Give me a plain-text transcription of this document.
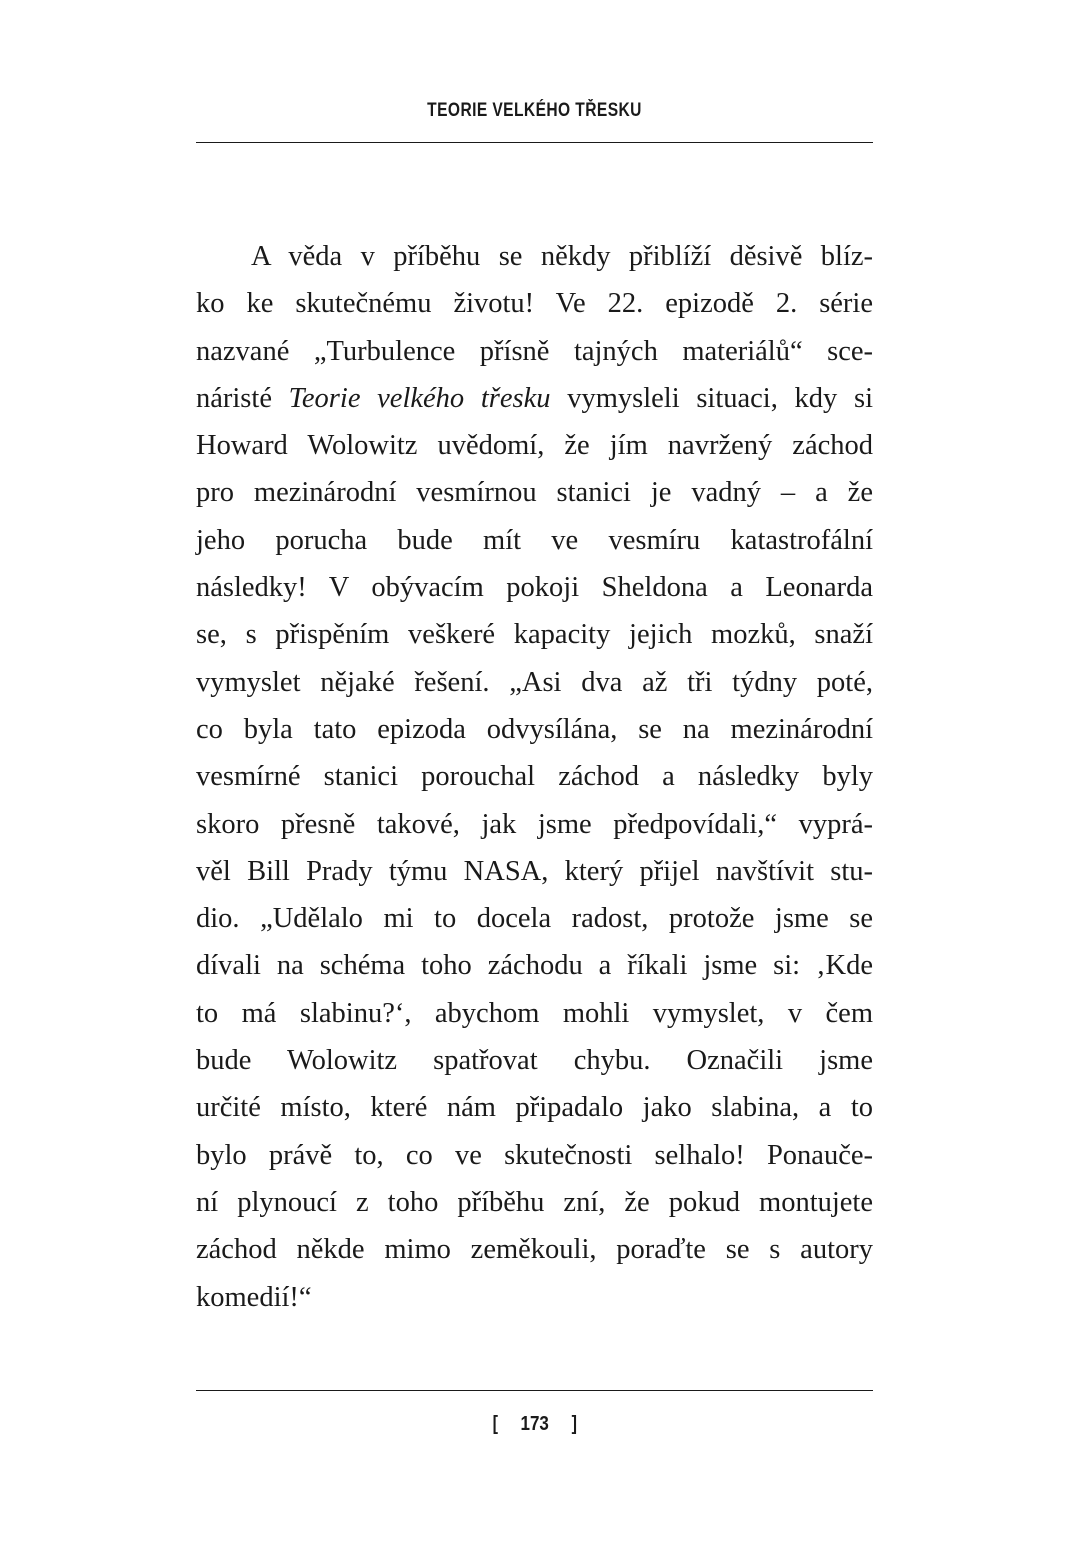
TEORIE VELKÉHO TŘESKU
A věda v příběhu se někdy přiblíží děsivě blíz-
ko ke skutečnému životu! Ve 22. epizodě 2. série
nazvané „Turbulence přísně tajných materiálů“ sce-
náristé Teorie velkého třesku vymysleli situaci, kdy si
Howard Wolowitz uvědomí, že jím navržený záchod
pro mezinárodní vesmírnou stanici je vadný – a že
jeho porucha bude mít ve vesmíru katastrofální
následky! V obývacím pokoji Sheldona a Leonarda
se, s přispěním veškeré kapacity jejich mozků, snaží
vymyslet nějaké řešení. „Asi dva až tři týdny poté,
co byla tato epizoda odvysílána, se na mezinárodní
vesmírné stanici porouchal záchod a následky byly
skoro přesně takové, jak jsme předpovídali,“ vyprá-
věl Bill Prady týmu NASA, který přijel navštívit stu-
dio. „Udělalo mi to docela radost, protože jsme se
dívali na schéma toho záchodu a říkali jsme si: ‚Kde
to má slabinu?‘, abychom mohli vymyslet, v čem
bude Wolowitz spatřovat chybu. Označili jsme
určité místo, které nám připadalo jako slabina, a to
bylo právě to, co ve skutečnosti selhalo! Ponauče-
ní plynoucí z toho příběhu zní, že pokud montujete
záchod někde mimo zeměkouli, poraďte se s autory
komedií!“
[ 173 ]
